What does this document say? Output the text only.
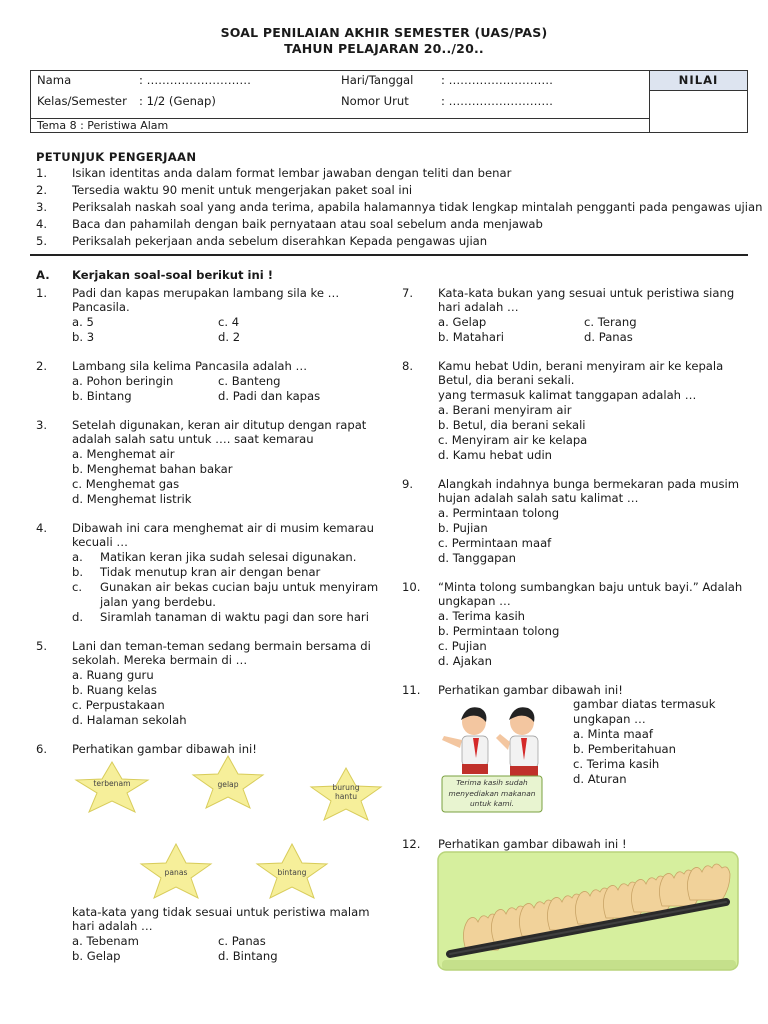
SOAL PENILAIAN AKHIR SEMESTER (UAS/PAS)
TAHUN PELAJARAN 20../20..
Nama : ……………………… Hari/Tanggal : ………………………	NILAI

Kelas/Semester : 1/2 (Genap) Nomor Urut : ………………………	

Tema 8 : Peristiwa Alam	
PETUNJUK PENGERJAAN
1. Isikan identitas anda dalam format lembar jawaban dengan teliti dan benar
2. Tersedia waktu 90 menit untuk mengerjakan paket soal ini
3. Periksalah naskah soal yang anda terima, apabila halamannya tidak lengkap mintalah pengganti pada pengawas ujian
4. Baca dan pahamilah dengan baik pernyataan atau soal sebelum anda menjawab
5. Periksalah pekerjaan anda sebelum diserahkan Kepada pengawas ujian
A. Kerjakan soal-soal berikut ini !
1. Padi dan kapas merupakan lambang sila ke …
Pancasila.
a. 5	c. 4
b. 3	d. 2
2. Lambang sila kelima Pancasila adalah …
a. Pohon beringin	c. Banteng
b. Bintang	d. Padi dan kapas
3. Setelah digunakan, keran air ditutup dengan rapat
adalah salah satu untuk …. saat kemarau
a. Menghemat air
b. Menghemat bahan bakar
c. Menghemat gas
d. Menghemat listrik
4. Dibawah ini cara menghemat air di musim kemarau
kecuali …
a. Matikan keran jika sudah selesai digunakan.
b. Tidak menutup kran air dengan benar
c. Gunakan air bekas cucian baju untuk menyiram
jalan yang berdebu.
d. Siramlah tanaman di waktu pagi dan sore hari
5. Lani dan teman-teman sedang bermain bersama di
sekolah. Mereka bermain di …
a. Ruang guru
b. Ruang kelas
c. Perpustakaan
d. Halaman sekolah
6. Perhatikan gambar dibawah ini!
terbenam	gelap	burung hantu
panas	bintang
kata-kata yang tidak sesuai untuk peristiwa malam
hari adalah …
a. Tebenam	c. Panas
b. Gelap	d. Bintang
7. Kata-kata bukan yang sesuai untuk peristiwa siang
hari adalah …
a. Gelap	c. Terang
b. Matahari	d. Panas
8. Kamu hebat Udin, berani menyiram air ke kepala
Betul, dia berani sekali.
yang termasuk kalimat tanggapan adalah …
a. Berani menyiram air
b. Betul, dia berani sekali
c. Menyiram air ke kelapa
d. Kamu hebat udin
9. Alangkah indahnya bunga bermekaran pada musim
hujan adalah salah satu kalimat …
a. Permintaan tolong
b. Pujian
c. Permintaan maaf
d. Tanggapan
10. “Minta tolong sumbangkan baju untuk bayi.” Adalah
ungkapan …
a. Terima kasih
b. Permintaan tolong
c. Pujian
d. Ajakan
11. Perhatikan gambar dibawah ini!
Terima kasih sudah menyediakan makanan untuk kami.
gambar diatas termasuk
ungkapan …
a. Minta maaf
b. Pemberitahuan
c. Terima kasih
d. Aturan
12. Perhatikan gambar dibawah ini !
